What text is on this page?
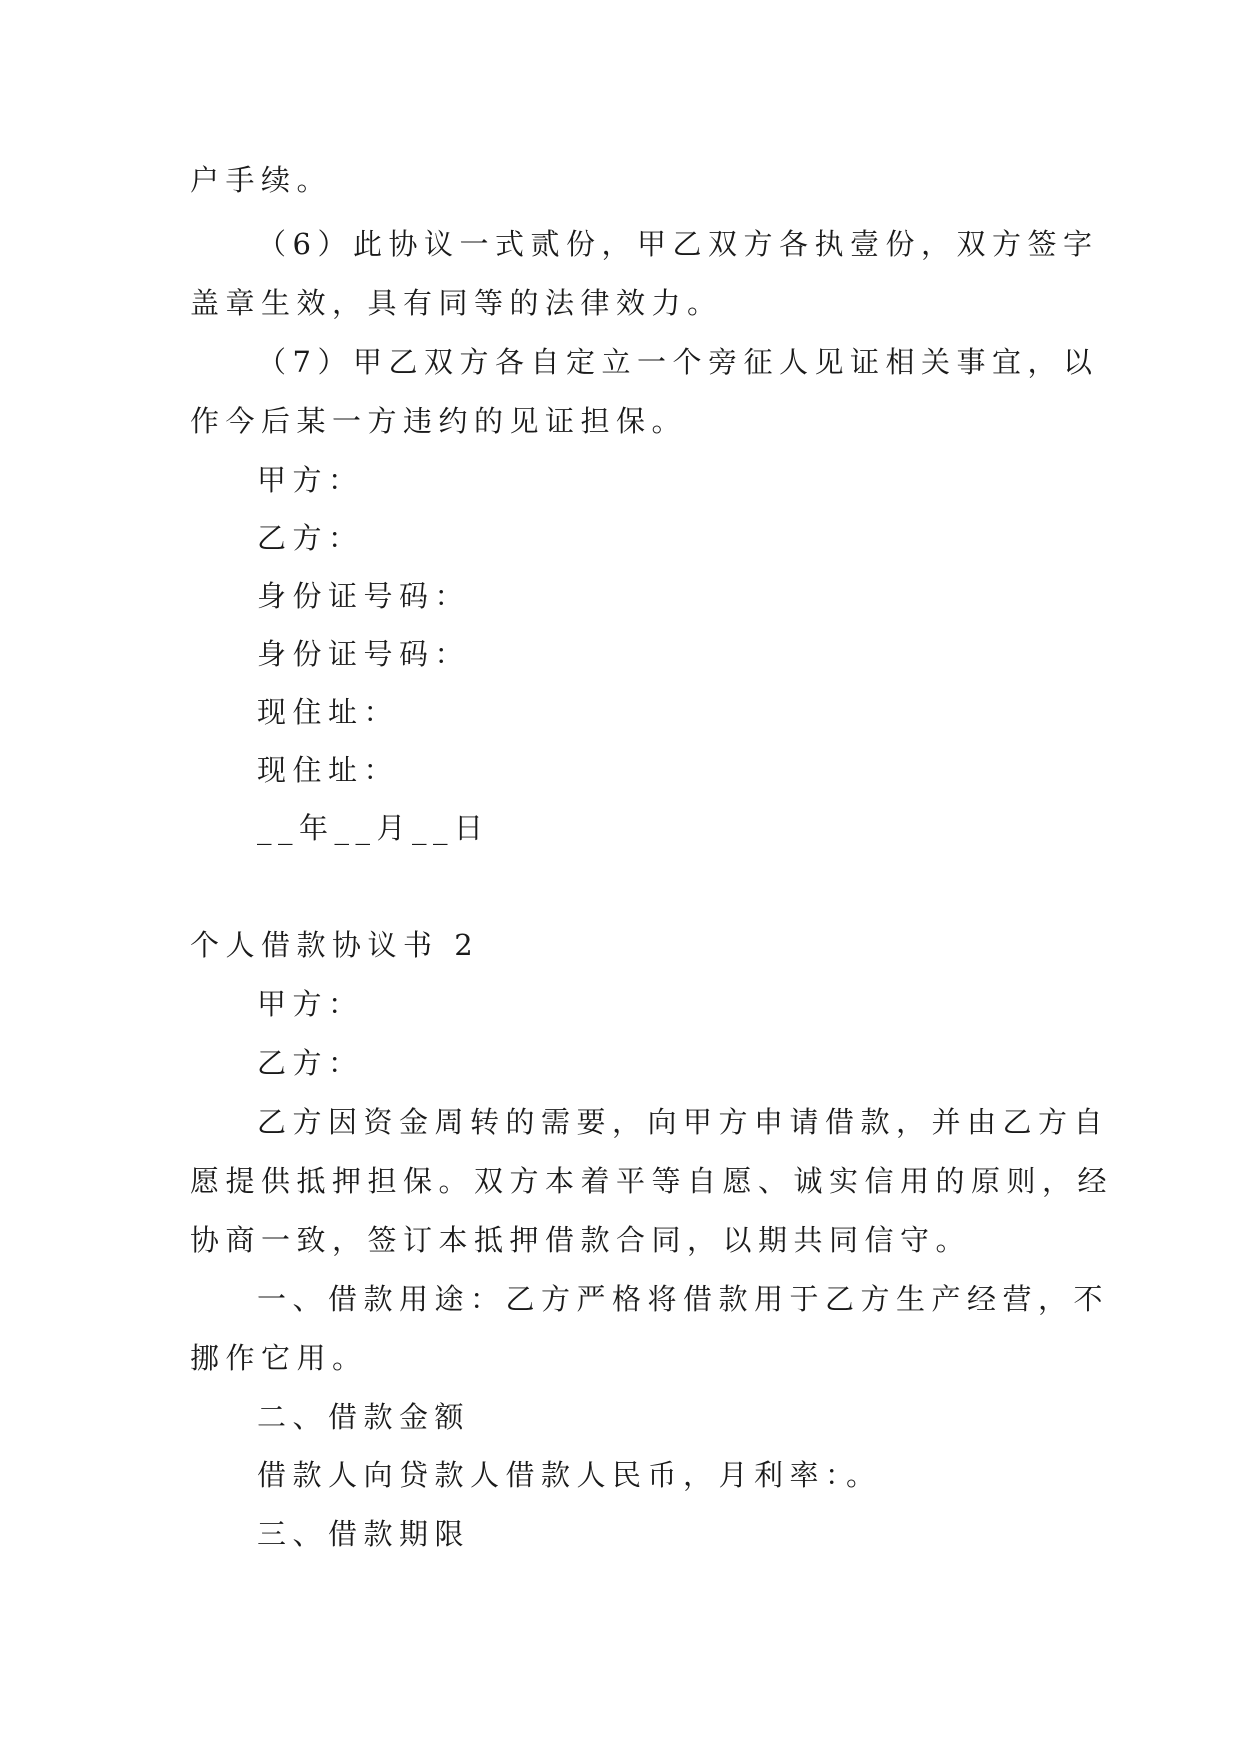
户手续。
（6）此协议一式贰份，甲乙双方各执壹份，双方签字
盖章生效，具有同等的法律效力。
（7）甲乙双方各自定立一个旁征人见证相关事宜，以
作今后某一方违约的见证担保。
甲方：
乙方：
身份证号码：
身份证号码：
现住址：
现住址：
__年__月__日
个人借款协议书 2
甲方：
乙方：
乙方因资金周转的需要，向甲方申请借款，并由乙方自
愿提供抵押担保。双方本着平等自愿、诚实信用的原则，经
协商一致，签订本抵押借款合同，以期共同信守。
一、借款用途：乙方严格将借款用于乙方生产经营，不
挪作它用。
二、借款金额
借款人向贷款人借款人民币，月利率：。
三、借款期限
